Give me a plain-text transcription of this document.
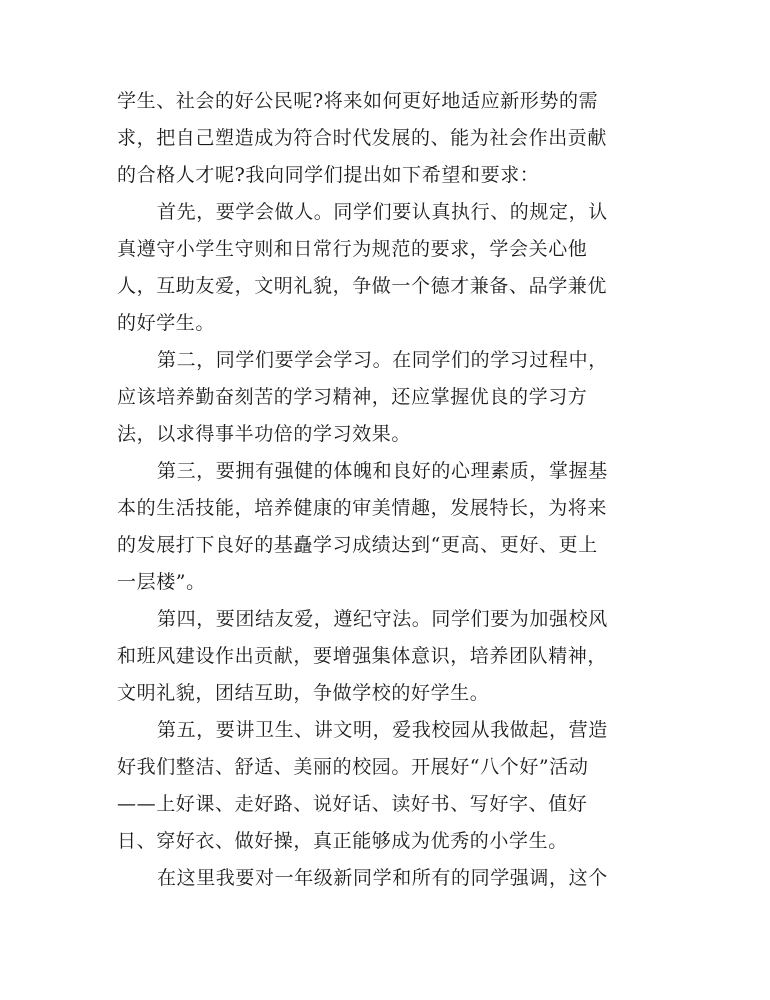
学生、社会的好公民呢?将来如何更好地适应新形势的需
求，把自己塑造成为符合时代发展的、能为社会作出贡献
的合格人才呢?我向同学们提出如下希望和要求：
首先，要学会做人。同学们要认真执行、的规定，认
真遵守小学生守则和日常行为规范的要求，学会关心他
人，互助友爱，文明礼貌，争做一个德才兼备、品学兼优
的好学生。
第二，同学们要学会学习。在同学们的学习过程中，
应该培养勤奋刻苦的学习精神，还应掌握优良的学习方
法，以求得事半功倍的学习效果。
第三，要拥有强健的体魄和良好的心理素质，掌握基
本的生活技能，培养健康的审美情趣，发展特长，为将来
的发展打下良好的基矗学习成绩达到“更高、更好、更上
一层楼”。
第四，要团结友爱，遵纪守法。同学们要为加强校风
和班风建设作出贡献，要增强集体意识，培养团队精神，
文明礼貌，团结互助，争做学校的好学生。
第五，要讲卫生、讲文明，爱我校园从我做起，营造
好我们整洁、舒适、美丽的校园。开展好“八个好”活动
——上好课、走好路、说好话、读好书、写好字、值好
日、穿好衣、做好操，真正能够成为优秀的小学生。
在这里我要对一年级新同学和所有的同学强调，这个
